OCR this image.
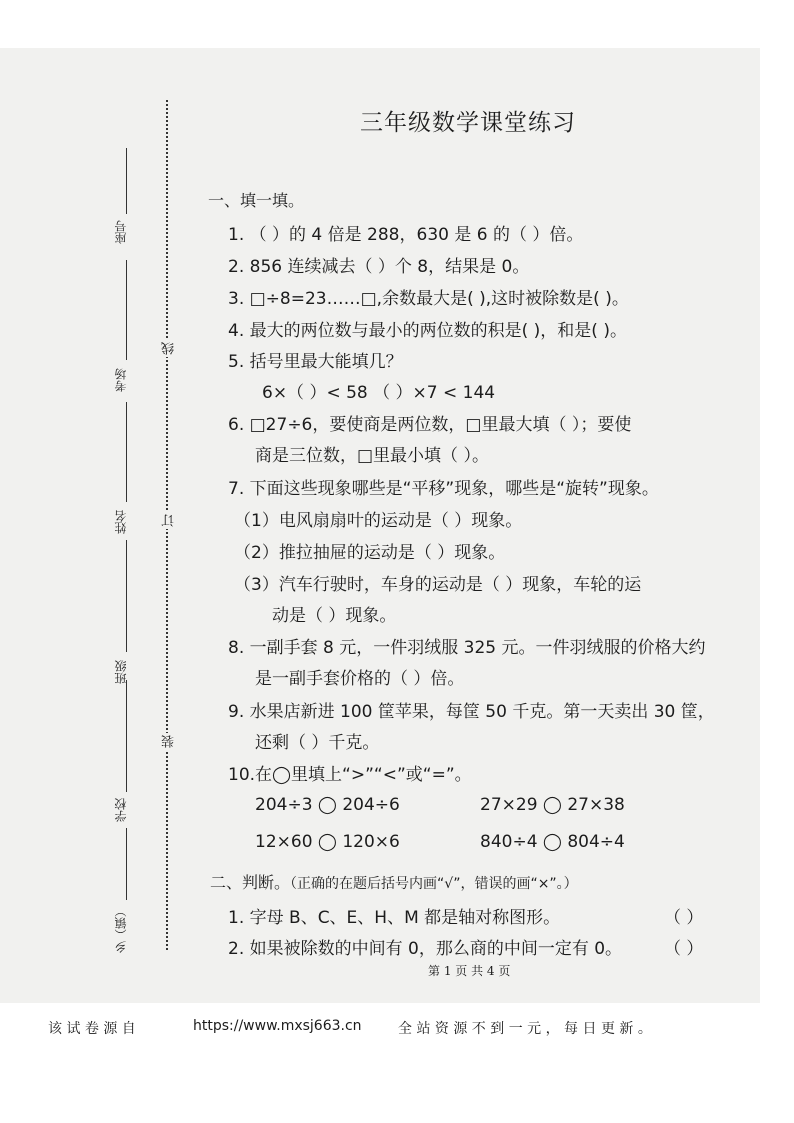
座号
考场
姓名
班级
学校
乡（镇）
线
订
装
三年级数学课堂练习
一、填一填。
1. （ ）的 4 倍是 288，630 是 6 的（ ）倍。
2. 856 连续减去（ ）个 8，结果是 0。
3. □÷8=23……□,余数最大是( ),这时被除数是( )。
4. 最大的两位数与最小的两位数的积是( )，和是( )。
5. 括号里最大能填几？
6×（ ）< 58 （ ）×7 < 144
6. □27÷6，要使商是两位数，□里最大填（ ）；要使
商是三位数，□里最小填（ ）。
7. 下面这些现象哪些是“平移”现象，哪些是“旋转”现象。
（1）电风扇扇叶的运动是（ ）现象。
（2）推拉抽屉的运动是（ ）现象。
（3）汽车行驶时，车身的运动是（ ）现象，车轮的运
动是（ ）现象。
8. 一副手套 8 元，一件羽绒服 325 元。一件羽绒服的价格大约
是一副手套价格的（ ）倍。
9. 水果店新进 100 筐苹果，每筐 50 千克。第一天卖出 30 筐，
还剩（ ）千克。
10.在◯里填上“>”“<”或“=”。
204÷3 ◯ 204÷6	27×29 ◯ 27×38
12×60 ◯ 120×6	840÷4 ◯ 804÷4
二、判断。（正确的在题后括号内画“√”，错误的画“×”。）
1. 字母 B、C、E、H、M 都是轴对称图形。	（ ）
2. 如果被除数的中间有 0，那么商的中间一定有 0。 （ ）
第 1 页 共 4 页
该 试 卷 源 自	https://www.mxsj663.cn	全 站 资 源 不 到 一 元 ， 每 日 更 新 。
